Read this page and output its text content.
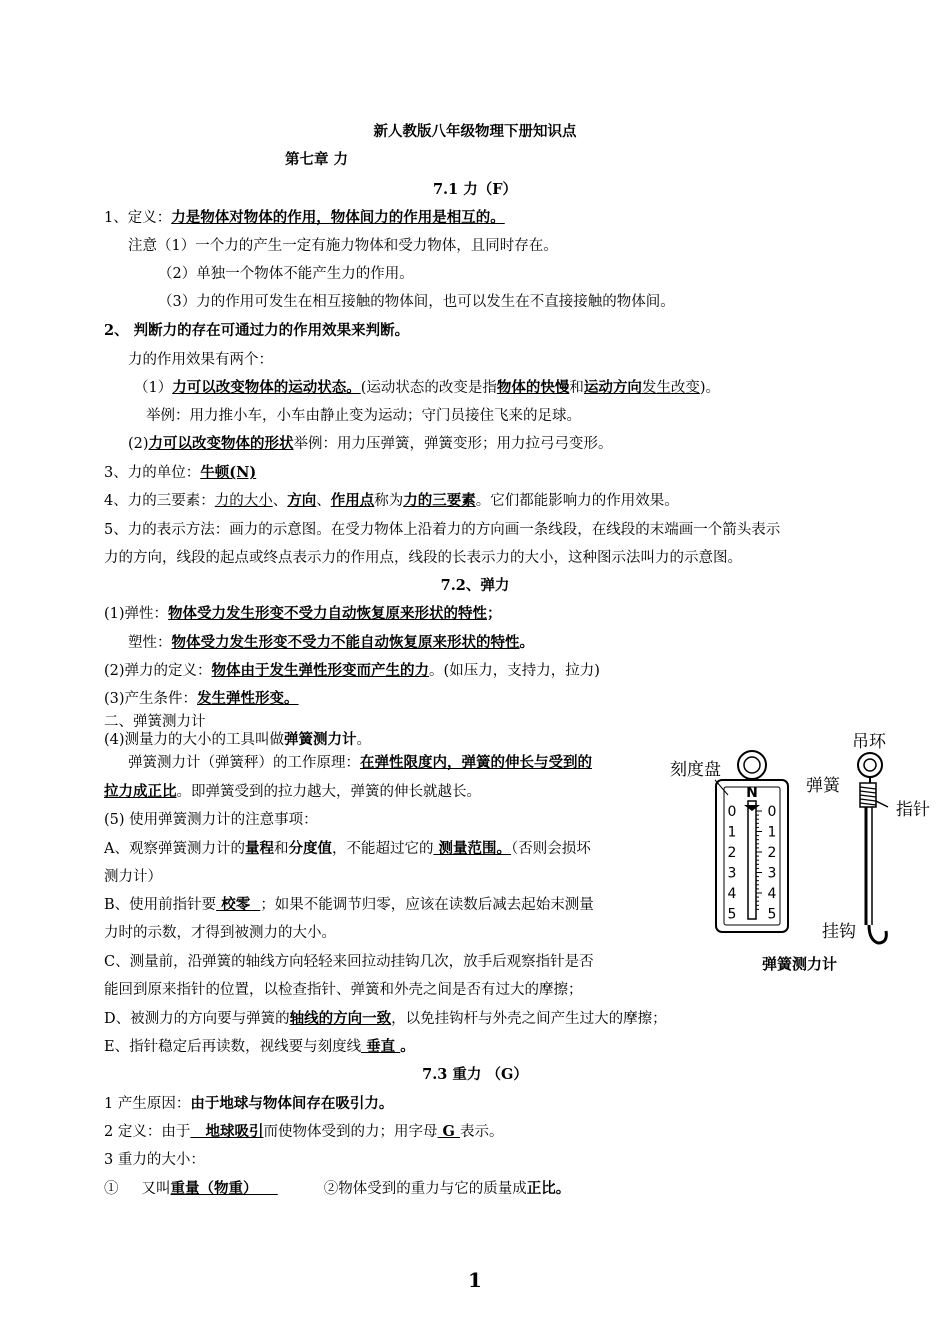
新人教版八年级物理下册知识点
第七章 力
7.1 力（F）
1、定义：力是物体对物体的作用，物体间力的作用是相互的。
注意（1）一个力的产生一定有施力物体和受力物体，且同时存在。
（2）单独一个物体不能产生力的作用。
（3）力的作用可发生在相互接触的物体间，也可以发生在不直接接触的物体间。
2、 判断力的存在可通过力的作用效果来判断。
力的作用效果有两个：
（1）力可以改变物体的运动状态。(运动状态的改变是指物体的快慢和运动方向发生改变)。
举例：用力推小车，小车由静止变为运动；守门员接住飞来的足球。
(2)力可以改变物体的形状举例：用力压弹簧，弹簧变形；用力拉弓弓变形。
3、力的单位：牛顿(N)
4、力的三要素：力的大小、方向、作用点称为力的三要素。它们都能影响力的作用效果。
5、力的表示方法：画力的示意图。在受力物体上沿着力的方向画一条线段，在线段的末端画一个箭头表示
力的方向，线段的起点或终点表示力的作用点，线段的长表示力的大小，这种图示法叫力的示意图。
7.2、弹力
(1)弹性：物体受力发生形变不受力自动恢复原来形状的特性；
塑性：物体受力发生形变不受力不能自动恢复原来形状的特性。
(2)弹力的定义：物体由于发生弹性形变而产生的力。(如压力，支持力，拉力)
(3)产生条件：发生弹性形变。
二、弹簧测力计
(4)测量力的大小的工具叫做弹簧测力计。
弹簧测力计（弹簧秤）的工作原理：在弹性限度内，弹簧的伸长与受到的
拉力成正比。即弹簧受到的拉力越大，弹簧的伸长就越长。
(5) 使用弹簧测力计的注意事项：
A、观察弹簧测力计的量程和分度值，不能超过它的 测量范围。（否则会损坏
测力计）
B、使用前指针要 校零  ；如果不能调节归零，应该在读数后减去起始末测量
力时的示数，才得到被测力的大小。
C、测量前，沿弹簧的轴线方向轻轻来回拉动挂钩几次，放手后观察指针是否
能回到原来指针的位置，以检查指针、弹簧和外壳之间是否有过大的摩擦；
D、被测力的方向要与弹簧的轴线的方向一致，以免挂钩杆与外壳之间产生过大的摩擦；
E、指针稳定后再读数，视线要与刻度线 垂直 。
N
0 0
1 1
2 2
3 3
4 4
5 5
刻度盘
吊环
弹簧
指针
挂钩
弹簧测力计
7.3 重力 （G）
1 产生原因：由于地球与物体间存在吸引力。
2 定义：由于   地球吸引而使物体受到的力；用字母 G 表示。
3 重力的大小：
①     又叫重量（物重）	②物体受到的重力与它的质量成正比。
1
